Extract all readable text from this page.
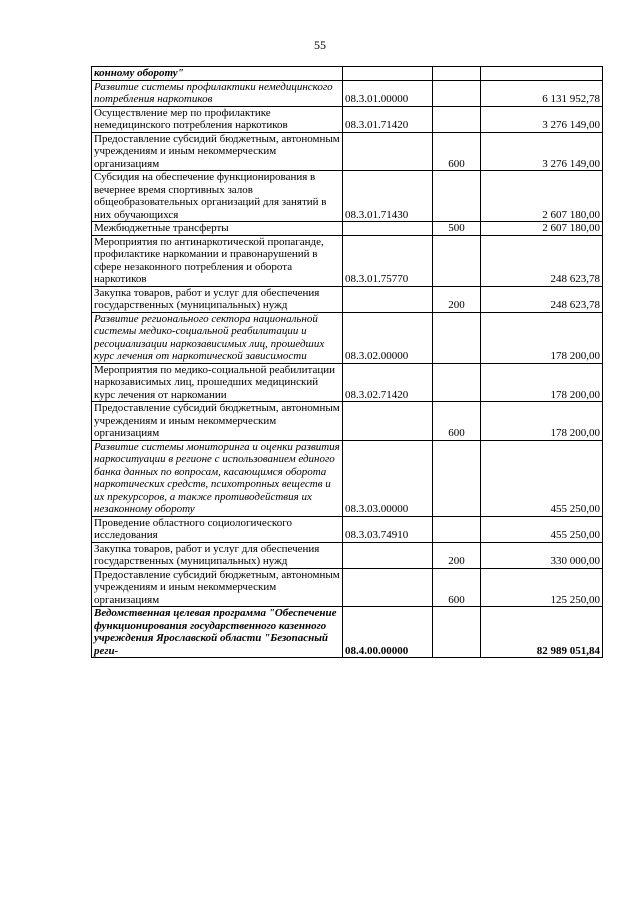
55
конному обороту"			
Развитие системы профилактики немедицинского потребления наркотиков	08.3.01.00000		6 131 952,78
Осуществление мер по профилактике немедицинского потребления наркотиков	08.3.01.71420		3 276 149,00
Предоставление субсидий бюджетным, автономным учреждениям и иным некоммерческим организациям		600	3 276 149,00
Субсидия на обеспечение функционирования в вечернее время спортивных залов общеобразовательных организаций для занятий в них обучающихся	08.3.01.71430		2 607 180,00
Межбюджетные трансферты		500	2 607 180,00
Мероприятия по антинаркотической пропаганде, профилактике наркомании и правонарушений в сфере незаконного потребления и оборота наркотиков	08.3.01.75770		248 623,78
Закупка товаров, работ и услуг для обеспечения государственных (муниципальных) нужд		200	248 623,78
Развитие регионального сектора национальной системы медико-социальной реабилитации и ресоциализации наркозависимых лиц, прошедших курс лечения от наркотической зависимости	08.3.02.00000		178 200,00
Мероприятия по медико-социальной реабилитации наркозависимых лиц, прошедших медицинский курс лечения от наркомании	08.3.02.71420		178 200,00
Предоставление субсидий бюджетным, автономным учреждениям и иным некоммерческим организациям		600	178 200,00
Развитие системы мониторинга и оценки развития наркоситуации в регионе с использованием единого банка данных по вопросам, касающимся оборота наркотических средств, психотропных веществ и их прекурсоров, а также противодействия их незаконному обороту	08.3.03.00000		455 250,00
Проведение областного социологического исследования	08.3.03.74910		455 250,00
Закупка товаров, работ и услуг для обеспечения государственных (муниципальных) нужд		200	330 000,00
Предоставление субсидий бюджетным, автономным учреждениям и иным некоммерческим организациям		600	125 250,00
Ведомственная целевая программа "Обеспечение функционирования государственного казенного учреждения Ярославской области "Безопасный реги-	08.4.00.00000		82 989 051,84
